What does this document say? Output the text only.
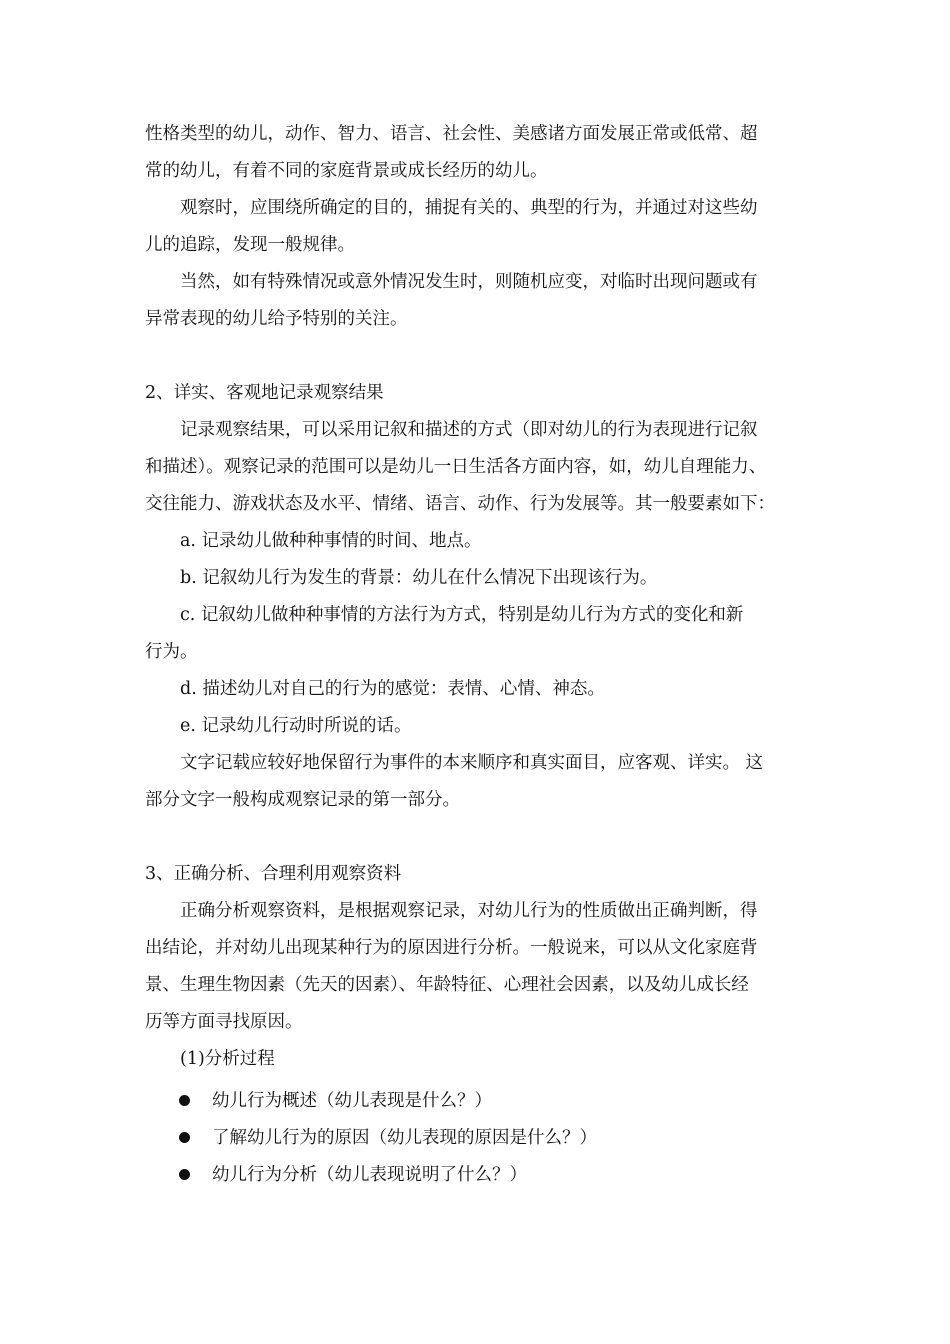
性格类型的幼儿，动作、智力、语言、社会性、美感诸方面发展正常或低常、超
常的幼儿，有着不同的家庭背景或成长经历的幼儿。
观察时，应围绕所确定的目的，捕捉有关的、典型的行为，并通过对这些幼
儿的追踪，发现一般规律。
当然，如有特殊情况或意外情况发生时，则随机应变，对临时出现问题或有
异常表现的幼儿给予特别的关注。
2、详实、客观地记录观察结果
记录观察结果，可以采用记叙和描述的方式（即对幼儿的行为表现进行记叙
和描述）。观察记录的范围可以是幼儿一日生活各方面内容，如，幼儿自理能力、
交往能力、游戏状态及水平、情绪、语言、动作、行为发展等。其一般要素如下：
a. 记录幼儿做种种事情的时间、地点。
b. 记叙幼儿行为发生的背景：幼儿在什么情况下出现该行为。
c. 记叙幼儿做种种事情的方法行为方式，特别是幼儿行为方式的变化和新
行为。
d. 描述幼儿对自己的行为的感觉：表情、心情、神态。
e. 记录幼儿行动时所说的话。
文字记载应较好地保留行为事件的本来顺序和真实面目，应客观、详实。 这
部分文字一般构成观察记录的第一部分。
3、正确分析、合理利用观察资料
正确分析观察资料，是根据观察记录，对幼儿行为的性质做出正确判断，得
出结论，并对幼儿出现某种行为的原因进行分析。一般说来，可以从文化家庭背
景、生理生物因素（先天的因素）、年龄特征、心理社会因素，以及幼儿成长经
历等方面寻找原因。
(1)分析过程
幼儿行为概述（幼儿表现是什么？）
了解幼儿行为的原因（幼儿表现的原因是什么？）
幼儿行为分析（幼儿表现说明了什么？）
